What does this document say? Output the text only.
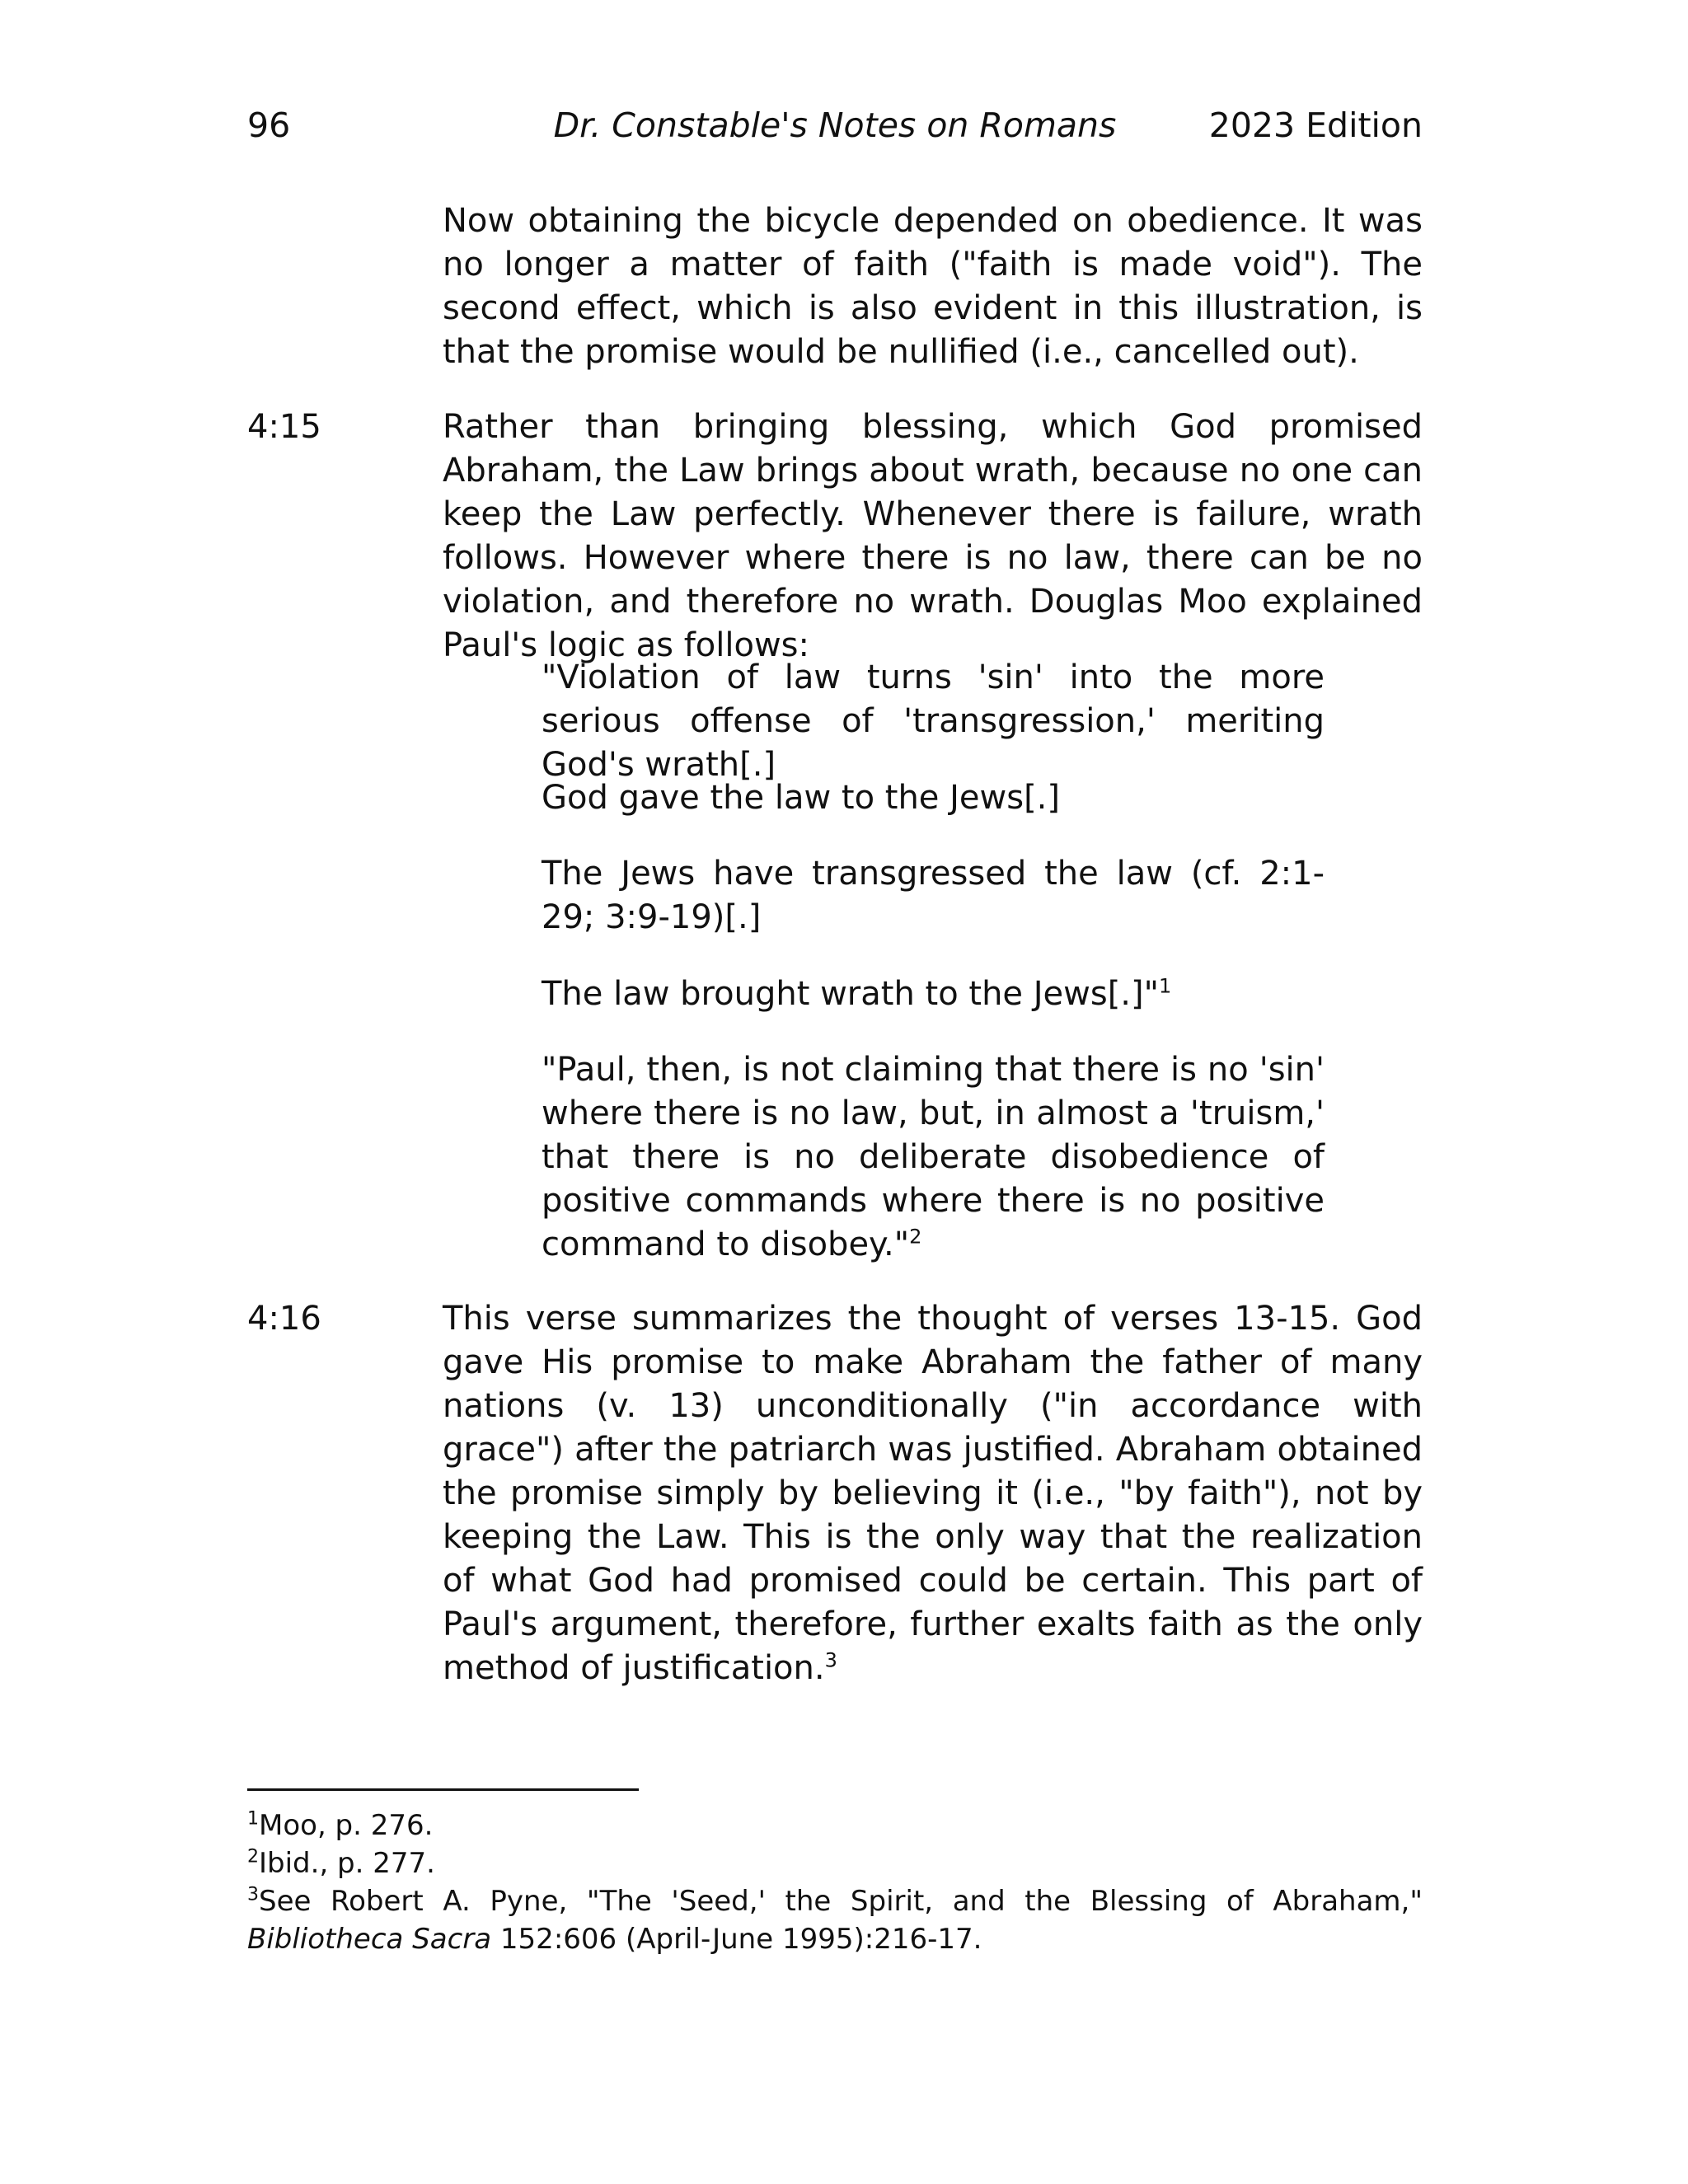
96	Dr. Constable's Notes on Romans	2023 Edition

Now obtaining the bicycle depended on obedience. It was no longer a matter of faith ("faith is made void"). The second effect, which is also evident in this illustration, is that the promise would be nullified (i.e., cancelled out).

4:15	Rather than bringing blessing, which God promised Abraham, the Law brings about wrath, because no one can keep the Law perfectly. Whenever there is failure, wrath follows. However where there is no law, there can be no violation, and therefore no wrath. Douglas Moo explained Paul's logic as follows:

"Violation of law turns 'sin' into the more serious offense of 'transgression,' meriting God's wrath[.]

God gave the law to the Jews[.]

The Jews have transgressed the law (cf. 2:1-29; 3:9-19)[.]

The law brought wrath to the Jews[.]"$^1$

"Paul, then, is not claiming that there is no 'sin' where there is no law, but, in almost a 'truism,' that there is no deliberate disobedience of positive commands where there is no positive command to disobey."$^2$

4:16	This verse summarizes the thought of verses 13-15. God gave His promise to make Abraham the father of many nations (v. 13) unconditionally ("in accordance with grace") after the patriarch was justified. Abraham obtained the promise simply by believing it (i.e., "by faith"), not by keeping the Law. This is the only way that the realization of what God had promised could be certain. This part of Paul's argument, therefore, further exalts faith as the only method of justification.$^3$

$^1$Moo, p. 276.

$^2$Ibid., p. 277.

$^3$See Robert A. Pyne, "The 'Seed,' the Spirit, and the Blessing of Abraham," Bibliotheca Sacra 152:606 (April-June 1995):216-17.
